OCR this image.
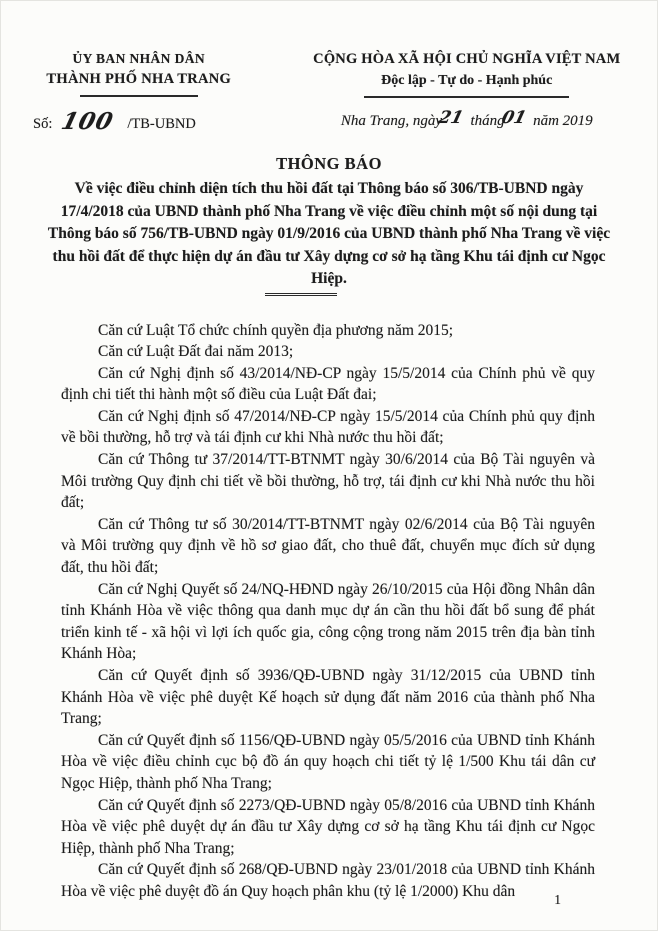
ỦY BAN NHÂN DÂN
THÀNH PHỐ NHA TRANG
Số: 100 /TB-UBND
CỘNG HÒA XÃ HỘI CHỦ NGHĨA VIỆT NAM
Độc lập - Tự do - Hạnh phúc
Nha Trang, ngày21 tháng01 năm 2019
THÔNG BÁO

Về việc điều chỉnh diện tích thu hồi đất tại Thông báo số 306/TB-UBND ngày 17/4/2018 của UBND thành phố Nha Trang về việc điều chỉnh một số nội dung tại Thông báo số 756/TB-UBND ngày 01/9/2016 của UBND thành phố Nha Trang về việc thu hồi đất để thực hiện dự án đầu tư Xây dựng cơ sở hạ tầng Khu tái định cư Ngọc Hiệp.

Căn cứ Luật Tổ chức chính quyền địa phương năm 2015;

Căn cứ Luật Đất đai năm 2013;

Căn cứ Nghị định số 43/2014/NĐ-CP ngày 15/5/2014 của Chính phủ về quy định chi tiết thi hành một số điều của Luật Đất đai;

Căn cứ Nghị định số 47/2014/NĐ-CP ngày 15/5/2014 của Chính phủ quy định về bồi thường, hỗ trợ và tái định cư khi Nhà nước thu hồi đất;

Căn cứ Thông tư 37/2014/TT-BTNMT ngày 30/6/2014 của Bộ Tài nguyên và Môi trường Quy định chi tiết về bồi thường, hỗ trợ, tái định cư khi Nhà nước thu hồi đất;

Căn cứ Thông tư số 30/2014/TT-BTNMT ngày 02/6/2014 của Bộ Tài nguyên và Môi trường quy định về hồ sơ giao đất, cho thuê đất, chuyển mục đích sử dụng đất, thu hồi đất;

Căn cứ Nghị Quyết số 24/NQ-HĐND ngày 26/10/2015 của Hội đồng Nhân dân tỉnh Khánh Hòa về việc thông qua danh mục dự án cần thu hồi đất bổ sung để phát triển kinh tế - xã hội vì lợi ích quốc gia, công cộng trong năm 2015 trên địa bàn tỉnh Khánh Hòa;

Căn cứ Quyết định số 3936/QĐ-UBND ngày 31/12/2015 của UBND tỉnh Khánh Hòa về việc phê duyệt Kế hoạch sử dụng đất năm 2016 của thành phố Nha Trang;

Căn cứ Quyết định số 1156/QĐ-UBND ngày 05/5/2016 của UBND tỉnh Khánh Hòa về việc điều chỉnh cục bộ đồ án quy hoạch chi tiết tỷ lệ 1/500 Khu tái dân cư Ngọc Hiệp, thành phố Nha Trang;

Căn cứ Quyết định số 2273/QĐ-UBND ngày 05/8/2016 của UBND tỉnh Khánh Hòa về việc phê duyệt dự án đầu tư Xây dựng cơ sở hạ tầng Khu tái định cư Ngọc Hiệp, thành phố Nha Trang;

Căn cứ Quyết định số 268/QĐ-UBND ngày 23/01/2018 của UBND tỉnh Khánh Hòa về việc phê duyệt đồ án Quy hoạch phân khu (tỷ lệ 1/2000) Khu dân	1
